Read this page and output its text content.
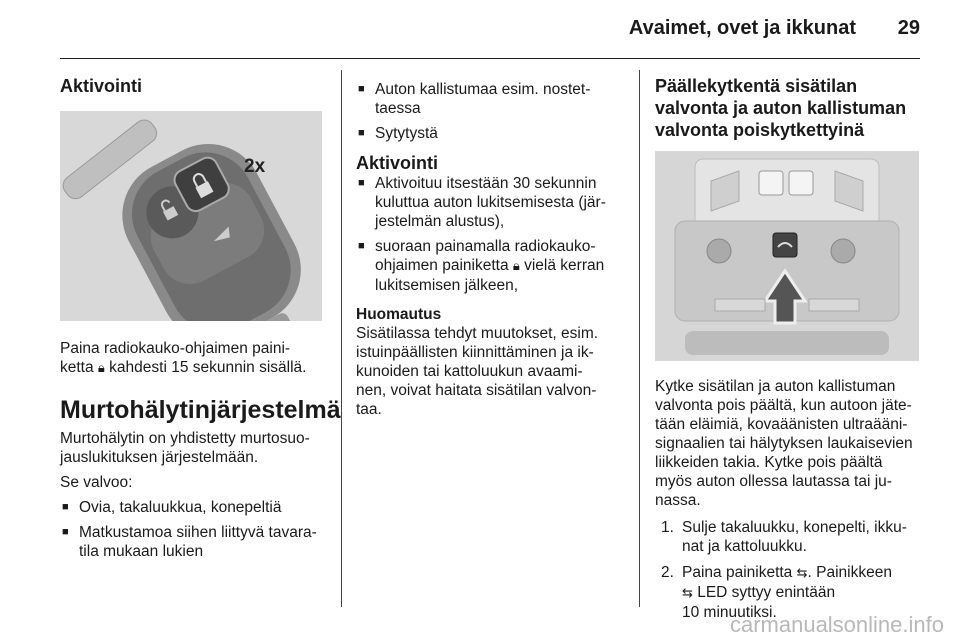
Avaimet, ovet ja ikkunat 29
Aktivointi
2x

Paina radiokauko-ohjaimen paini-
ketta 🔒︎ kahdesti 15 sekunnin sisällä.

Murtohälytinjärjestelmä

Murtohälytin on yhdistetty murtosuo-
jauslukituksen järjestelmään.

Se valvoo:

■ Ovia, takaluukkua, konepeltiä
■ Matkustamoa siihen liittyvä tavara-
tila mukaan lukien
■ Auton kallistumaa esim. nostet-
taessa
■ Sytytystä
Aktivointi
■ Aktivoituu itsestään 30 sekunnin
kuluttua auton lukitsemisesta (jär-
jestelmän alustus),
■ suoraan painamalla radiokauko-
ohjaimen painiketta 🔒︎ vielä kerran
lukitsemisen jälkeen,
Huomautus

Sisätilassa tehdyt muutokset, esim.
istuinpäällisten kiinnittäminen ja ik-
kunoiden tai kattoluukun avaami-
nen, voivat haitata sisätilan valvon-
taa.

Päällekytkentä sisätilan
valvonta ja auton kallistuman
valvonta poiskytkettyinä

Kytke sisätilan ja auton kallistuman
valvonta pois päältä, kun autoon jäte-
tään eläimiä, kovaäänisten ultraääni-
signaalien tai hälytyksen laukaisevien
liikkeiden takia. Kytke pois päältä
myös auton ollessa lautassa tai ju-
nassa.

1. Sulje takaluukku, konepelti, ikku-
nat ja kattoluukku.
2. Paina painiketta ⇆. Painikkeen
⇆ LED syttyy enintään
10 minuutiksi.
carmanualsonline.info
